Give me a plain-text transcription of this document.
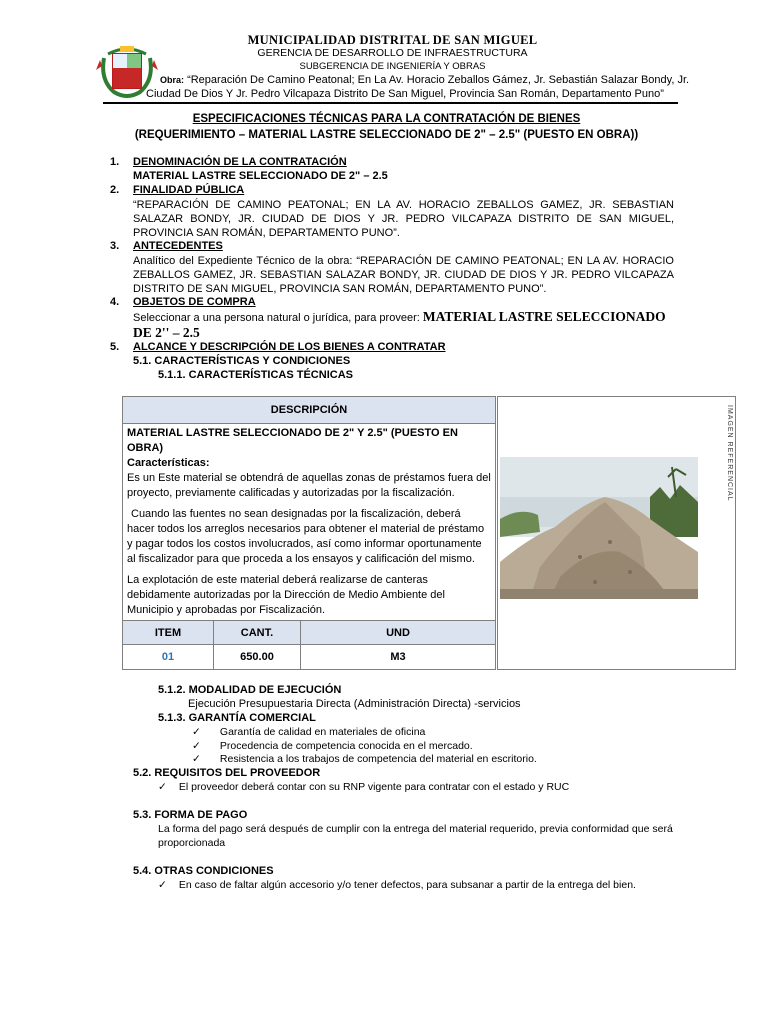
MUNICIPALIDAD DISTRITAL DE SAN MIGUEL
GERENCIA DE DESARROLLO DE INFRAESTRUCTURA
SUBGERENCIA DE INGENIERÍA Y OBRAS
Obra: “Reparación De Camino Peatonal; En La Av. Horacio Zeballos Gámez, Jr. Sebastián Salazar Bondy, Jr.
Ciudad De Dios Y Jr. Pedro Vilcapaza Distrito De San Miguel, Provincia San Román, Departamento Puno”
ESPECIFICACIONES TÉCNICAS PARA LA CONTRATACIÓN DE BIENES
(REQUERIMIENTO – MATERIAL LASTRE SELECCIONADO DE 2" – 2.5" (PUESTO EN OBRA))
1. DENOMINACIÓN DE LA CONTRATACIÓN
MATERIAL LASTRE SELECCIONADO DE 2" – 2.5
2. FINALIDAD PÚBLICA
“REPARACIÓN DE CAMINO PEATONAL; EN LA AV. HORACIO ZEBALLOS GAMEZ, JR. SEBASTIAN SALAZAR BONDY, JR. CIUDAD DE DIOS Y JR. PEDRO VILCAPAZA DISTRITO DE SAN MIGUEL, PROVINCIA SAN ROMÁN, DEPARTAMENTO PUNO”.
3. ANTECEDENTES
Analítico del Expediente Técnico de la obra: “REPARACIÓN DE CAMINO PEATONAL; EN LA AV. HORACIO ZEBALLOS GAMEZ, JR. SEBASTIAN SALAZAR BONDY, JR. CIUDAD DE DIOS Y JR. PEDRO VILCAPAZA DISTRITO DE SAN MIGUEL, PROVINCIA SAN ROMÁN, DEPARTAMENTO PUNO”.
4. OBJETOS DE COMPRA
Seleccionar a una persona natural o jurídica, para proveer: MATERIAL LASTRE SELECCIONADO
DE 2'' – 2.5
5. ALCANCE Y DESCRIPCIÓN DE LOS BIENES A CONTRATAR
5.1. CARACTERÍSTICAS Y CONDICIONES
5.1.1. CARACTERÍSTICAS TÉCNICAS
DESCRIPCIÓN		

MATERIAL LASTRE SELECCIONADO DE 2" Y 2.5" (PUESTO EN OBRA)
Características:
Es un Este material se obtendrá de aquellas zonas de préstamos fuera del proyecto, previamente calificadas y autorizadas por la fiscalización.
Cuando las fuentes no sean designadas por la fiscalización, deberá hacer todos los arreglos necesarios para obtener el material de préstamo y pagar todos los costos involucrados, así como informar oportunamente al fiscalizador para que proceda a los ensayos y calificación del mismo.
La explotación de este material deberá realizarse de canteras debidamente autorizadas por la Dirección de Medio Ambiente del Municipio y aprobadas por Fiscalización.		

ITEM	CANT.	UND
01	650.00	M3
IMAGEN REFERENCIAL
5.1.2. MODALIDAD DE EJECUCIÓN
Ejecución Presupuestaria Directa (Administración Directa) -servicios
5.1.3. GARANTÍA COMERCIAL
✓ Garantía de calidad en materiales de oficina
✓ Procedencia de competencia conocida en el mercado.
✓ Resistencia a los trabajos de competencia del material en escritorio.
5.2. REQUISITOS DEL PROVEEDOR
✓ El proveedor deberá contar con su RNP vigente para contratar con el estado y RUC
5.3. FORMA DE PAGO
La forma del pago será después de cumplir con la entrega del material requerido, previa conformidad que será
proporcionada
5.4. OTRAS CONDICIONES
✓ En caso de faltar algún accesorio y/o tener defectos, para subsanar a partir de la entrega del bien.
